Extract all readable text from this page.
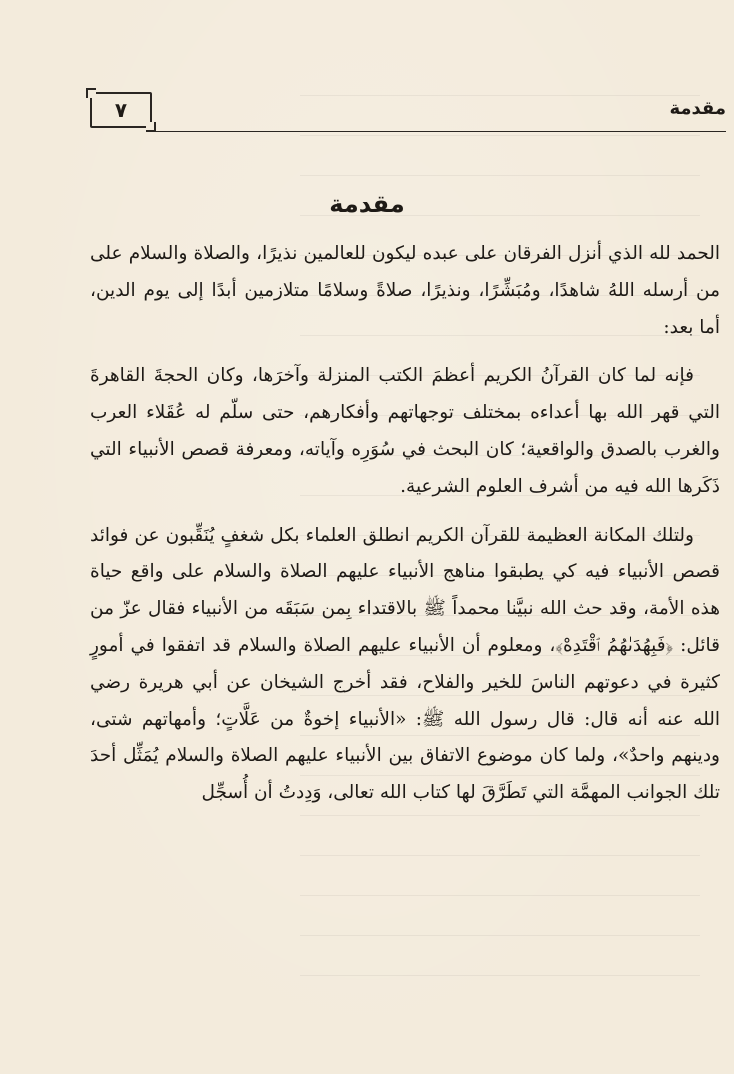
٧	مقدمة
مقدمة

الحمد لله الذي أنزل الفرقان على عبده ليكون للعالمين نذيرًا، والصلاة والسلام على من أرسله اللهُ شاهدًا، ومُبَشِّرًا، ونذيرًا، صلاةً وسلامًا متلازمين أبدًا إلى يوم الدين، أما بعد:

فإنه لما كان القرآنُ الكريم أعظمَ الكتب المنزلة وآخرَها، وكان الحجةَ القاهرةَ التي قهر الله بها أعداءه بمختلف توجهاتهم وأفكارهم، حتى سلّم له عُقَلاء العرب والغرب بالصدق والواقعية؛ كان البحث في سُوَرِه وآياته، ومعرفة قصص الأنبياء التي ذَكَرها الله فيه من أشرف العلوم الشرعية.

ولتلك المكانة العظيمة للقرآن الكريم انطلق العلماء بكل شغفٍ يُنَقِّبون عن فوائد قصص الأنبياء فيه كي يطبقوا مناهج الأنبياء عليهم الصلاة والسلام على واقع حياة هذه الأمة، وقد حث الله نبيَّنا محمداً ﷺ بالاقتداء بِمن سَبَقَه من الأنبياء فقال عزّ من قائل: ﴿فَبِهُدَىٰهُمُ ٱقْتَدِهْ﴾، ومعلوم أن الأنبياء عليهم الصلاة والسلام قد اتفقوا في أمورٍ كثيرة في دعوتهم الناسَ للخير والفلاح، فقد أخرج الشيخان عن أبي هريرة رضي الله عنه أنه قال: قال رسول الله ﷺ: «الأنبياء إخوةٌ من عَلَّاتٍ؛ وأمهاتهم شتى، ودينهم واحدٌ»، ولما كان موضوع الاتفاق بين الأنبياء عليهم الصلاة والسلام يُمَثِّل أحدَ تلك الجوانب المهمَّة التي تَطَرَّقَ لها كتاب الله تعالى، وَدِدتُ أن أُسجِّل
